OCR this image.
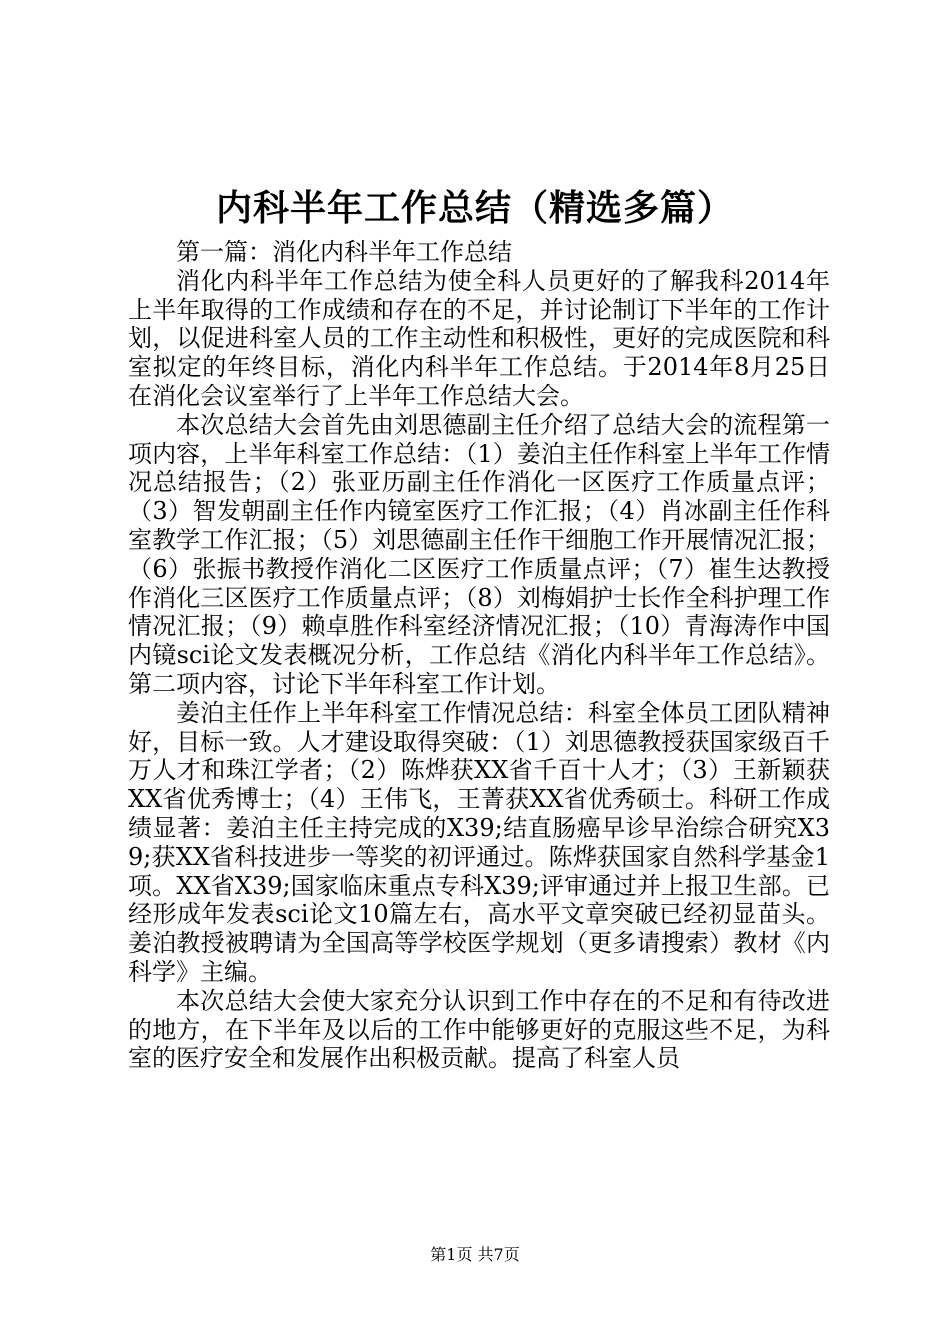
内科半年工作总结（精选多篇）

第一篇：消化内科半年工作总结

消化内科半年工作总结为使全科人员更好的了解我科2014年上半年取得的工作成绩和存在的不足，并讨论制订下半年的工作计划，以促进科室人员的工作主动性和积极性，更好的完成医院和科室拟定的年终目标，消化内科半年工作总结。于2014年8月25日在消化会议室举行了上半年工作总结大会。

本次总结大会首先由刘思德副主任介绍了总结大会的流程第一项内容，上半年科室工作总结：（1）姜泊主任作科室上半年工作情况总结报告；（2）张亚历副主任作消化一区医疗工作质量点评；（3）智发朝副主任作内镜室医疗工作汇报；（4）肖冰副主任作科室教学工作汇报；（5）刘思德副主任作干细胞工作开展情况汇报；（6）张振书教授作消化二区医疗工作质量点评；（7）崔生达教授作消化三区医疗工作质量点评；（8）刘梅娟护士长作全科护理工作情况汇报；（9）赖卓胜作科室经济情况汇报；（10）青海涛作中国内镜sci论文发表概况分析，工作总结《消化内科半年工作总结》。第二项内容，讨论下半年科室工作计划。

姜泊主任作上半年科室工作情况总结：科室全体员工团队精神好，目标一致。人才建设取得突破：（1）刘思德教授获国家级百千万人才和珠江学者；（2）陈烨获XX省千百十人才；（3）王新颖获XX省优秀博士；（4）王伟飞，王菁获XX省优秀硕士。科研工作成绩显著：姜泊主任主持完成的X39;结直肠癌早诊早治综合研究X39;获XX省科技进步一等奖的初评通过。陈烨获国家自然科学基金1项。XX省X39;国家临床重点专科X39;评审通过并上报卫生部。已经形成年发表sci论文10篇左右，高水平文章突破已经初显苗头。姜泊教授被聘请为全国高等学校医学规划（更多请搜索）教材《内科学》主编。

本次总结大会使大家充分认识到工作中存在的不足和有待改进的地方，在下半年及以后的工作中能够更好的克服这些不足，为科室的医疗安全和发展作出积极贡献。提高了科室人员

第1页 共7页
